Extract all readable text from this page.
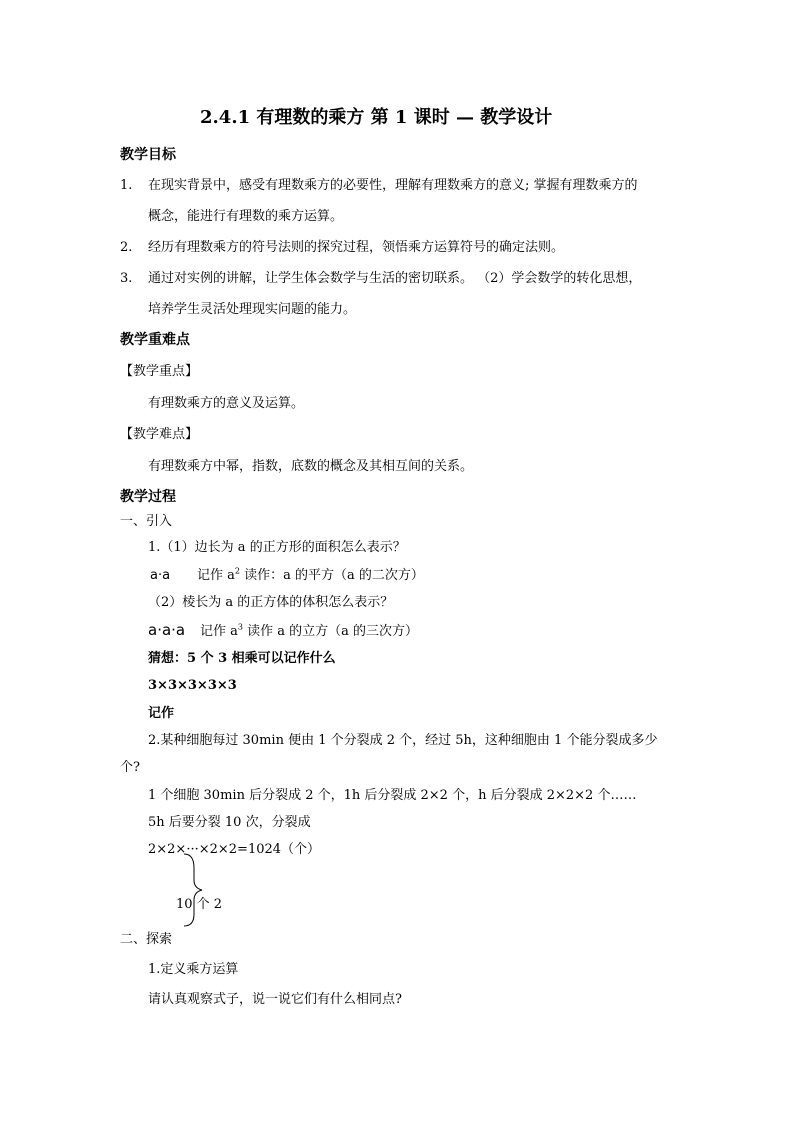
2.4.1 有理数的乘方 第 1 课时 — 教学设计
教学目标
1. 在现实背景中，感受有理数乘方的必要性，理解有理数乘方的意义; 掌握有理数乘方的
概念，能进行有理数的乘方运算。
2. 经历有理数乘方的符号法则的探究过程，领悟乘方运算符号的确定法则。
3. 通过对实例的讲解，让学生体会数学与生活的密切联系。 （2）学会数学的转化思想，
培养学生灵活处理现实问题的能力。
教学重难点
【教学重点】
有理数乘方的意义及运算。
【教学难点】
有理数乘方中幂，指数，底数的概念及其相互间的关系。
教学过程
一、引入
1.（1）边长为 a 的正方形的面积怎么表示？
a·a 记作 $a^2$ 读作：a 的平方（a 的二次方）
（2）棱长为 a 的正方体的体积怎么表示？
a·a·a 记作 $a^3$ 读作 a 的立方（a 的三次方）
猜想：5 个 3 相乘可以记作什么
3×3×3×3×3
记作
2.某种细胞每过 30min 便由 1 个分裂成 2 个，经过 5h，这种细胞由 1 个能分裂成多少
个?
1 个细胞 30min 后分裂成 2 个，1h 后分裂成 2×2 个，h 后分裂成 2×2×2 个……
5h 后要分裂 10 次，分裂成
2×2×···×2×2=1024（个）
10 个 2
二、探索
1.定义乘方运算
请认真观察式子，说一说它们有什么相同点?
